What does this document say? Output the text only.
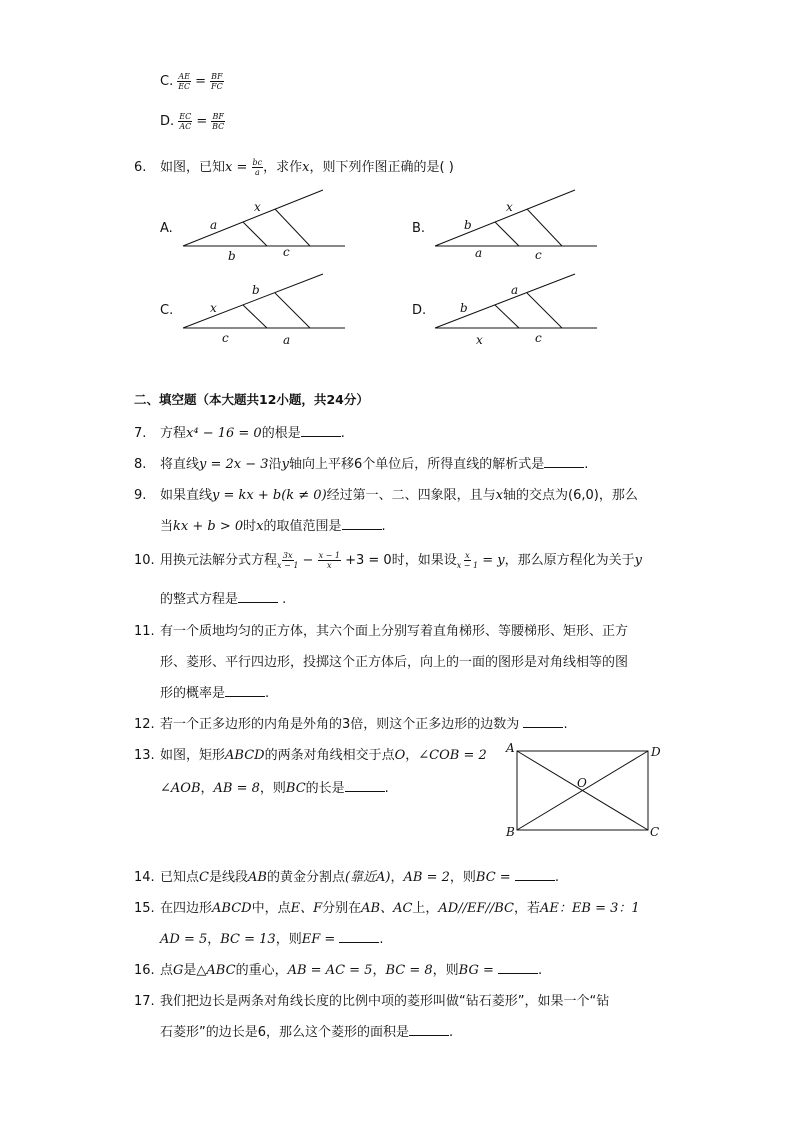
C. $\frac{AE}{EC} = \frac{BF}{FC}$
D. $\frac{EC}{AC} = \frac{BF}{BC}$
6. 如图，已知$x = \frac{bc}{a}$ ，求作x，则下列作图正确的是( )
A.	a
x
b	c
B.	b
x
a	c
C.	x
b
c	a
D.	b
a
x	c
二、填空题（本大题共12小题，共24分）
7. 方程x⁴ − 16 = 0的根是	.
8. 将直线y = 2x − 3沿y轴向上平移6个单位后，所得直线的解析式是	.
9. 如果直线y = kx + b(k ≠ 0)经过第一、二、四象限，且与x轴的交点为(6,0)，那么
当kx + b > 0时x的取值范围是	.
10. 用换元法解分式方程 $\frac{3x}{x - 1} - \frac{x - 1}{x} +3 = 0$时，如果设 $\frac{x}{x - 1} = y$，那么原方程化为关于y
的整式方程是	.
11. 有一个质地均匀的正方体，其六个面上分别写着直角梯形、等腰梯形、矩形、正方
形、菱形、平行四边形，投掷这个正方体后，向上的一面的图形是对角线相等的图
形的概率是	.
12. 若一个正多边形的内角是外角的3倍，则这个正多边形的边数为	.
13. 如图，矩形ABCD的两条对角线相交于点O，∠COB = 2
∠AOB，AB = 8，则BC的长是	.
A	D
B	C
O
14. 已知点C是线段AB的黄金分割点(靠近A)，AB = 2，则BC =	.
15. 在四边形ABCD中，点E、F分别在AB、AC上，AD//EF//BC，若AE：EB = 3：1
AD = 5，BC = 13，则EF =	.
16. 点G是△ABC的重心，AB = AC = 5，BC = 8，则BG =	.
17. 我们把边长是两条对角线长度的比例中项的菱形叫做“钻石菱形”，如果一个“钻
石菱形”的边长是6，那么这个菱形的面积是	.
